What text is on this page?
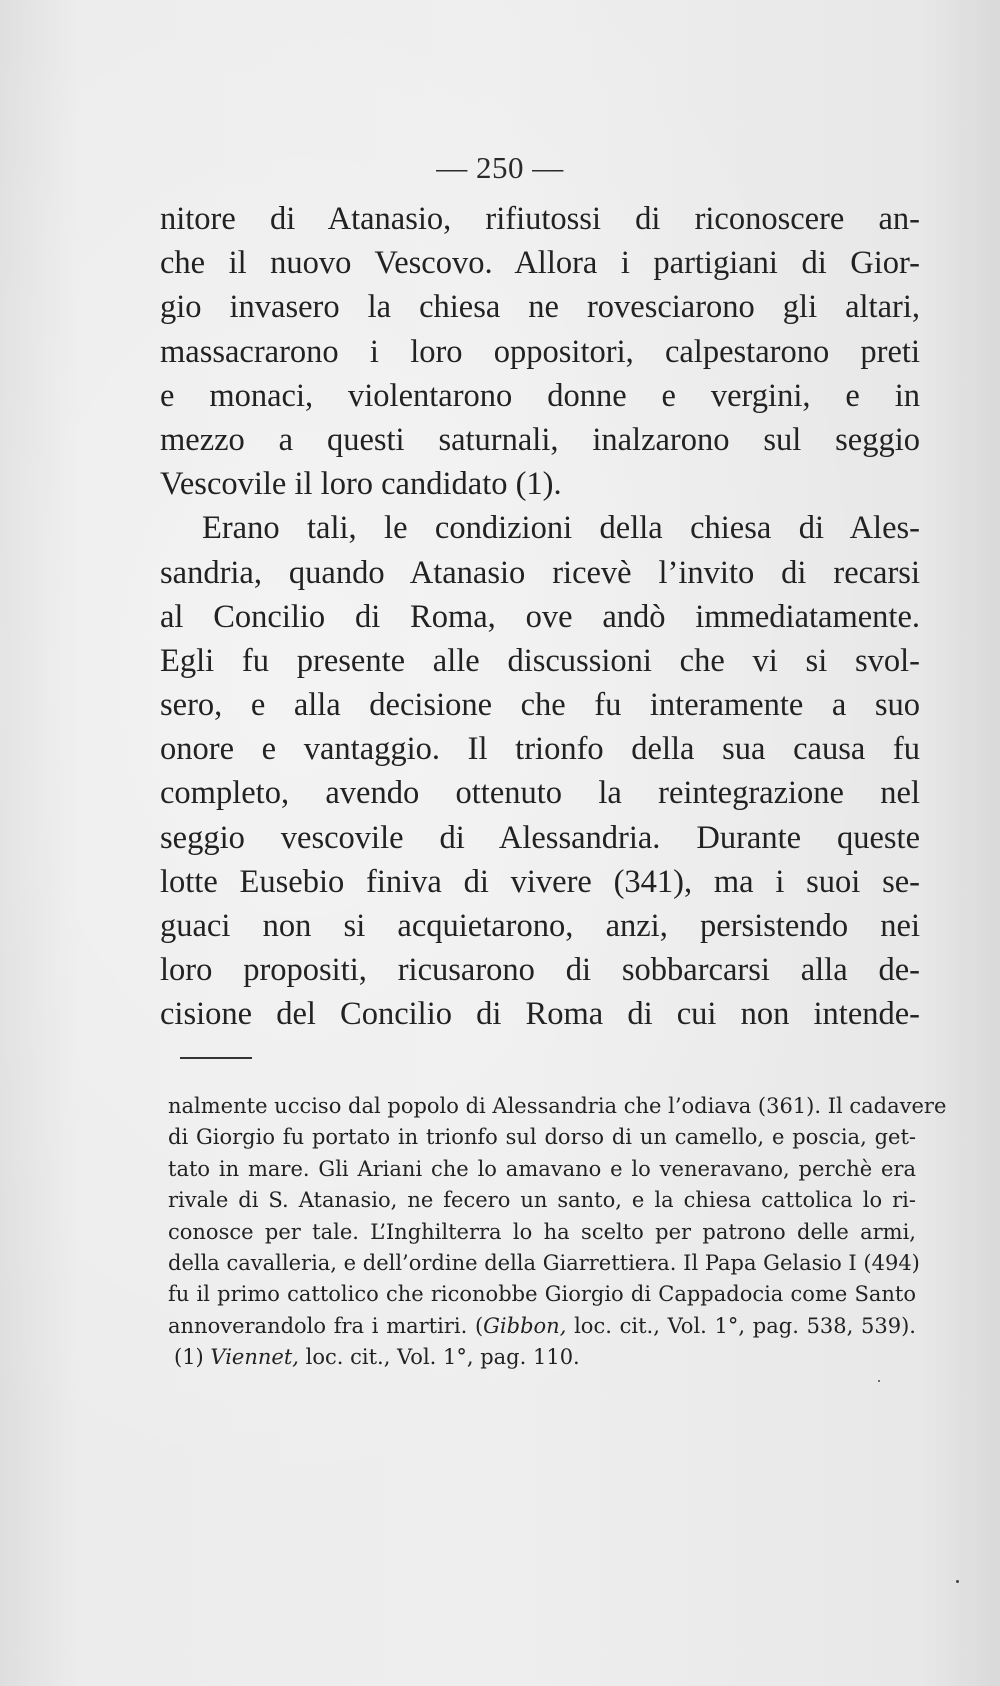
— 250 —
nitore di Atanasio, rifiutossi di riconoscere an-
che il nuovo Vescovo. Allora i partigiani di Gior-
gio invasero la chiesa ne rovesciarono gli altari,
massacrarono i loro oppositori, calpestarono preti
e monaci, violentarono donne e vergini, e in
mezzo a questi saturnali, inalzarono sul seggio
Vescovile il loro candidato (1).
Erano tali, le condizioni della chiesa di Ales-
sandria, quando Atanasio ricevè l’invito di recarsi
al Concilio di Roma, ove andò immediatamente.
Egli fu presente alle discussioni che vi si svol-
sero, e alla decisione che fu interamente a suo
onore e vantaggio. Il trionfo della sua causa fu
completo, avendo ottenuto la reintegrazione nel
seggio vescovile di Alessandria. Durante queste
lotte Eusebio finiva di vivere (341), ma i suoi se-
guaci non si acquietarono, anzi, persistendo nei
loro propositi, ricusarono di sobbarcarsi alla de-
cisione del Concilio di Roma di cui non intende-
nalmente ucciso dal popolo di Alessandria che l’odiava (361). Il cadavere
di Giorgio fu portato in trionfo sul dorso di un camello, e poscia, get-
tato in mare. Gli Ariani che lo amavano e lo veneravano, perchè era
rivale di S. Atanasio, ne fecero un santo, e la chiesa cattolica lo ri-
conosce per tale. L’Inghilterra lo ha scelto per patrono delle armi,
della cavalleria, e dell’ordine della Giarrettiera. Il Papa Gelasio I (494)
fu il primo cattolico che riconobbe Giorgio di Cappadocia come Santo
annoverandolo fra i martiri. (Gibbon, loc. cit., Vol. 1°, pag. 538, 539).
(1) Viennet, loc. cit., Vol. 1°, pag. 110.
